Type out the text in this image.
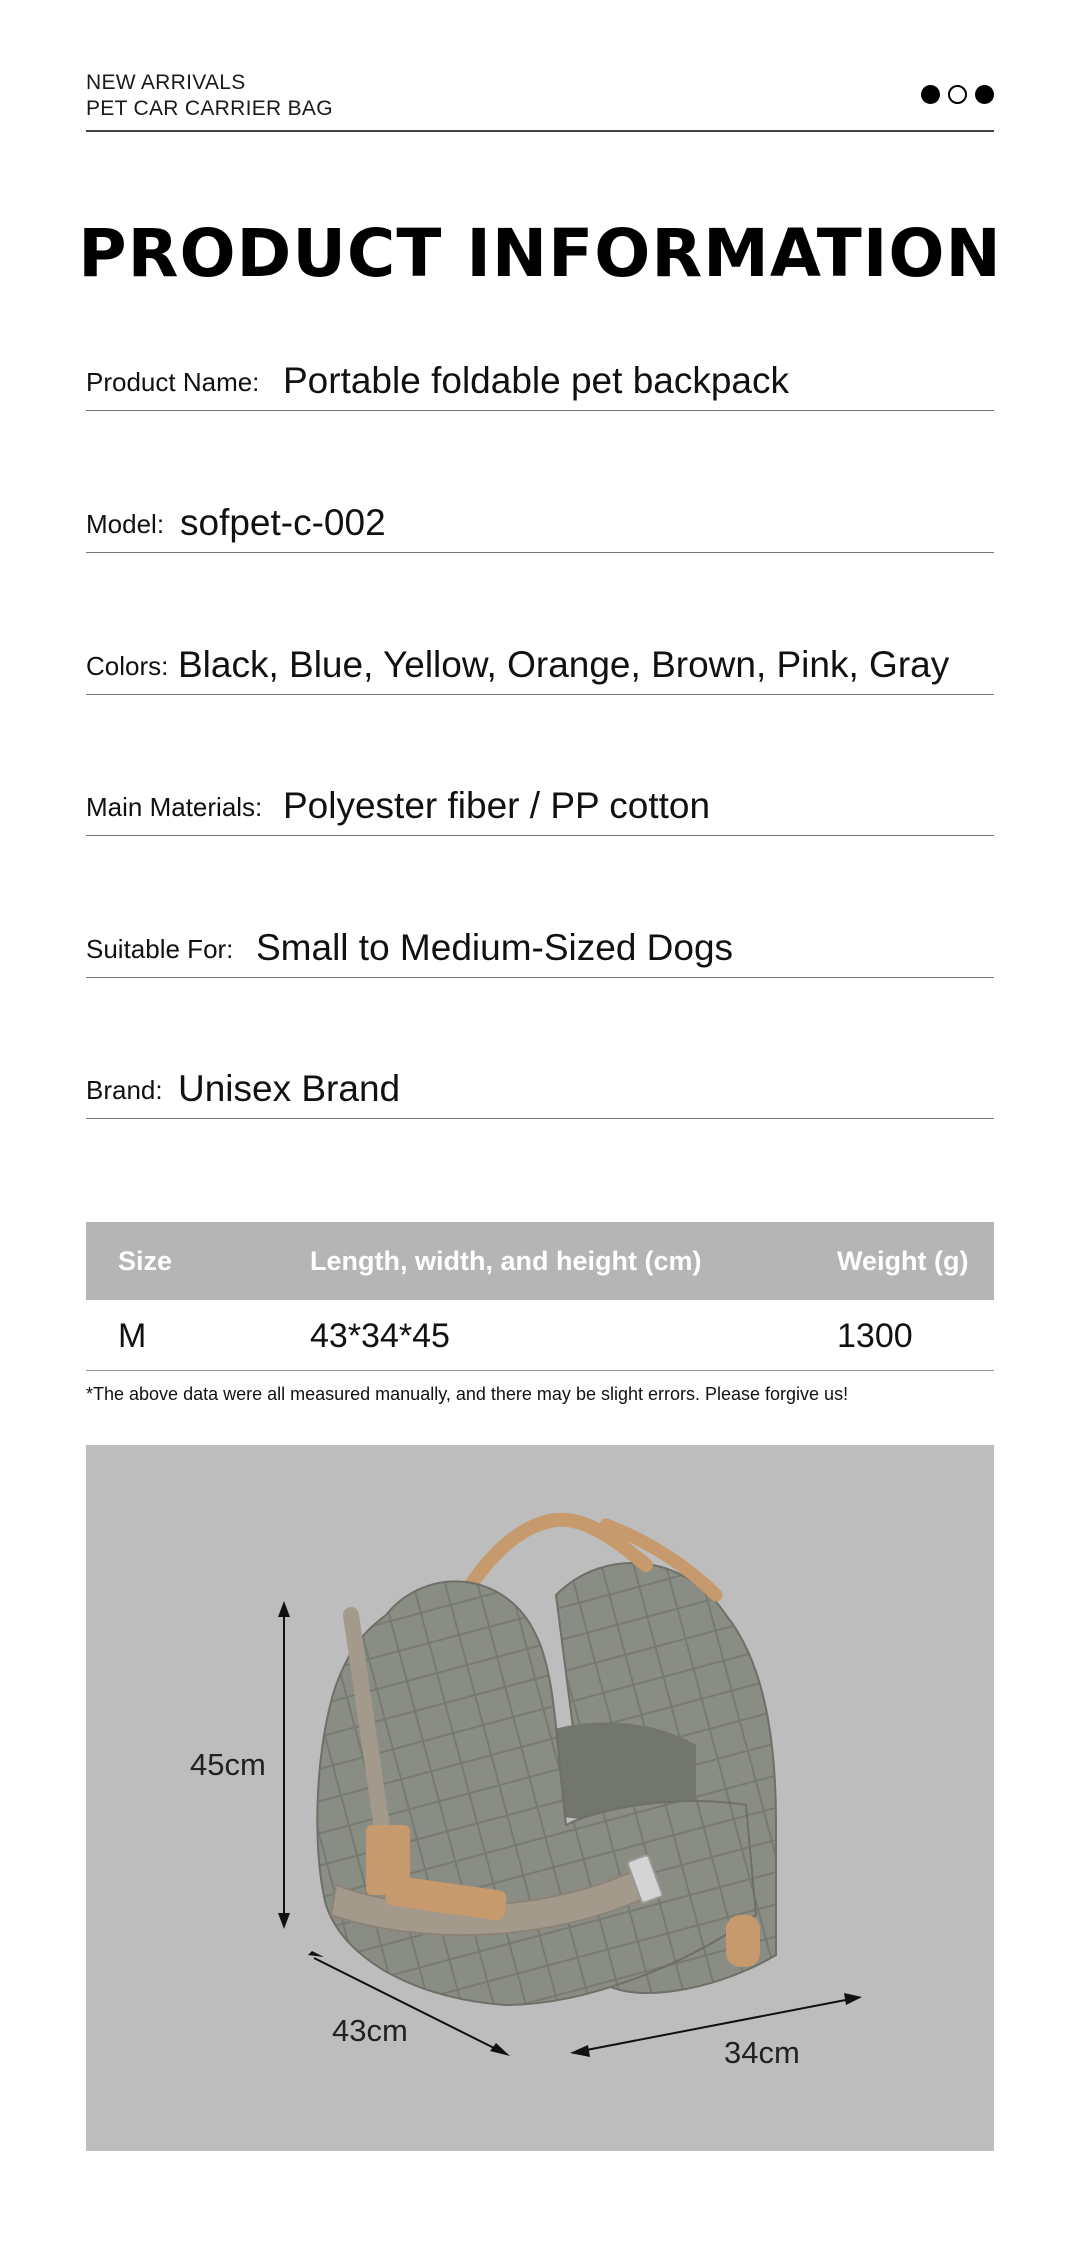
NEW ARRIVALS
PET CAR CARRIER BAG
PRODUCT INFORMATION
Product Name: Portable foldable pet backpack
Model: sofpet-c-002
Colors: Black, Blue, Yellow, Orange, Brown, Pink, Gray
Main Materials: Polyester fiber / PP cotton
Suitable For: Small to Medium-Sized Dogs
Brand: Unisex Brand
Size	Length, width, and height (cm)	Weight (g)
M	43*34*45	1300
*The above data were all measured manually, and there may be slight errors. Please forgive us!
45cm
43cm
34cm
